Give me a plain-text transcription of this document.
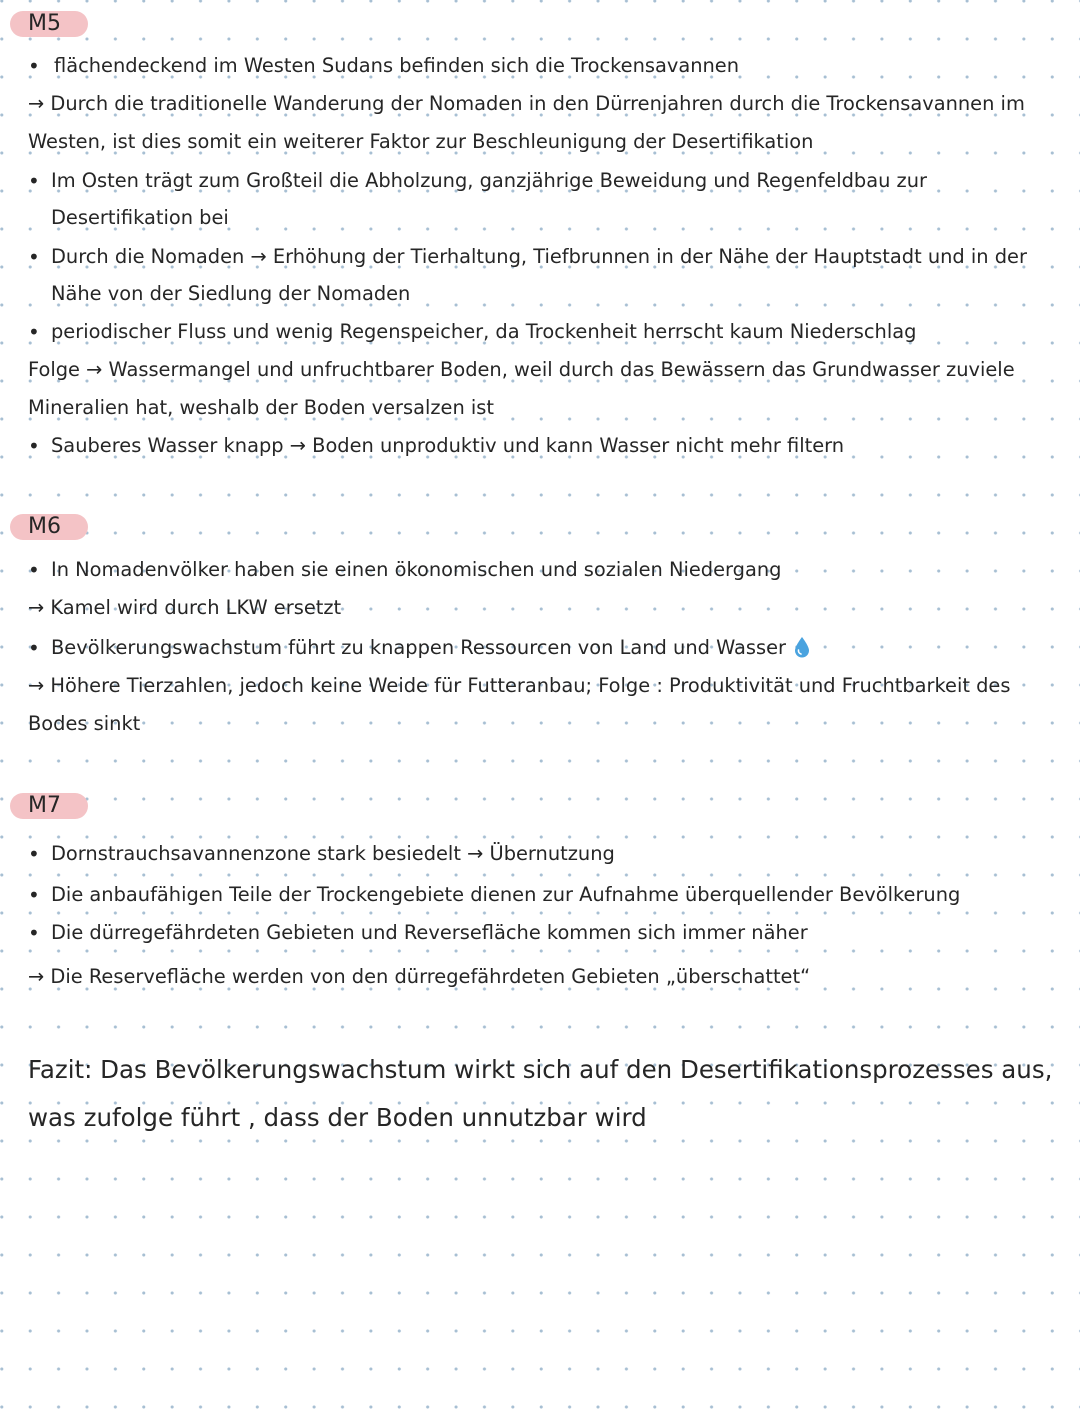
M5
• flächendeckend im Westen Sudans befinden sich die Trockensavannen
→ Durch die traditionelle Wanderung der Nomaden in den Dürrenjahren durch die Trockensavannen im
Westen, ist dies somit ein weiterer Faktor zur Beschleunigung der Desertifikation
• Im Osten trägt zum Großteil die Abholzung, ganzjährige Beweidung und Regenfeldbau zur
Desertifikation bei
• Durch die Nomaden → Erhöhung der Tierhaltung, Tiefbrunnen in der Nähe der Hauptstadt und in der
Nähe von der Siedlung der Nomaden
• periodischer Fluss und wenig Regenspeicher, da Trockenheit herrscht kaum Niederschlag
Folge → Wassermangel und unfruchtbarer Boden, weil durch das Bewässern das Grundwasser zuviele
Mineralien hat, weshalb der Boden versalzen ist
• Sauberes Wasser knapp → Boden unproduktiv und kann Wasser nicht mehr filtern
M6
• In Nomadenvölker haben sie einen ökonomischen und sozialen Niedergang
→ Kamel wird durch LKW ersetzt
• Bevölkerungswachstum führt zu knappen Ressourcen von Land und Wasser
→ Höhere Tierzahlen, jedoch keine Weide für Futteranbau; Folge : Produktivität und Fruchtbarkeit des
Bodes sinkt
M7
• Dornstrauchsavannenzone stark besiedelt → Übernutzung
• Die anbaufähigen Teile der Trockengebiete dienen zur Aufnahme überquellender Bevölkerung
• Die dürregefährdeten Gebieten und Reversefläche kommen sich immer näher
→ Die Reservefläche werden von den dürregefährdeten Gebieten „überschattet“
Fazit: Das Bevölkerungswachstum wirkt sich auf den Desertifikationsprozesses aus,
was zufolge führt , dass der Boden unnutzbar wird
